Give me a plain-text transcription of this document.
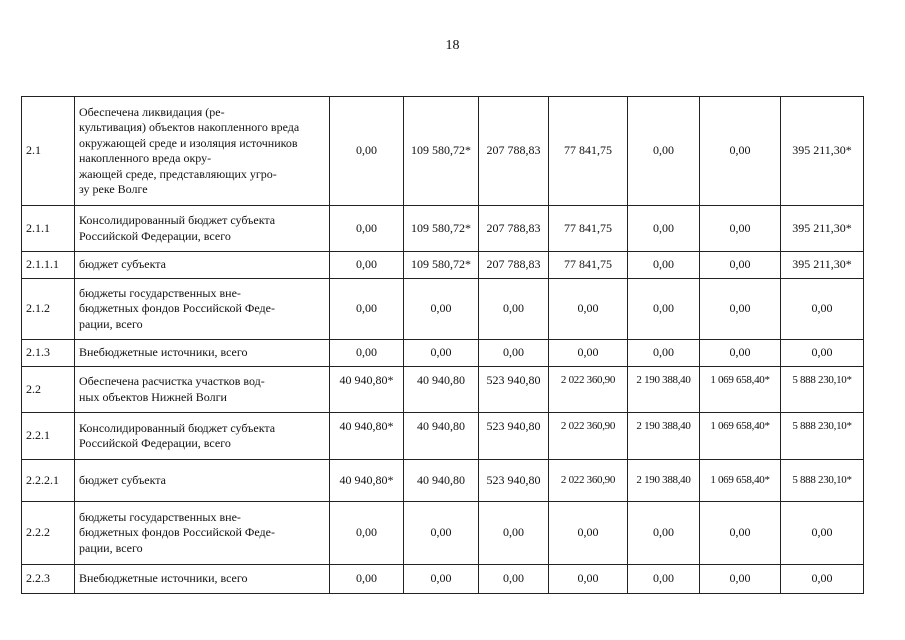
18
2.1	Обеспечена ликвидация (ре-
культивация) объектов накопленного вреда окружающей среде и изоляция источников накопленного вреда окру-
жающей среде, представляющих угро-
зу реке Волге	0,00	109 580,72*	207 788,83	77 841,75	0,00	0,00	395 211,30*
2.1.1	Консолидированный бюджет субъекта Российской Федерации, всего	0,00	109 580,72*	207 788,83	77 841,75	0,00	0,00	395 211,30*
2.1.1.1	бюджет субъекта	0,00	109 580,72*	207 788,83	77 841,75	0,00	0,00	395 211,30*
2.1.2	бюджеты государственных вне-
бюджетных фондов Российской Феде-
рации, всего	0,00	0,00	0,00	0,00	0,00	0,00	0,00
2.1.3	Внебюджетные источники, всего	0,00	0,00	0,00	0,00	0,00	0,00	0,00
2.2	Обеспечена расчистка участков вод-
ных объектов Нижней Волги	40 940,80*	40 940,80	523 940,80	2 022 360,90	2 190 388,40	1 069 658,40*	5 888 230,10*
2.2.1	Консолидированный бюджет субъекта Российской Федерации, всего	40 940,80*	40 940,80	523 940,80	2 022 360,90	2 190 388,40	1 069 658,40*	5 888 230,10*
2.2.2.1	бюджет субъекта	40 940,80*	40 940,80	523 940,80	2 022 360,90	2 190 388,40	1 069 658,40*	5 888 230,10*
2.2.2	бюджеты государственных вне-
бюджетных фондов Российской Феде-
рации, всего	0,00	0,00	0,00	0,00	0,00	0,00	0,00
2.2.3	Внебюджетные источники, всего	0,00	0,00	0,00	0,00	0,00	0,00	0,00
